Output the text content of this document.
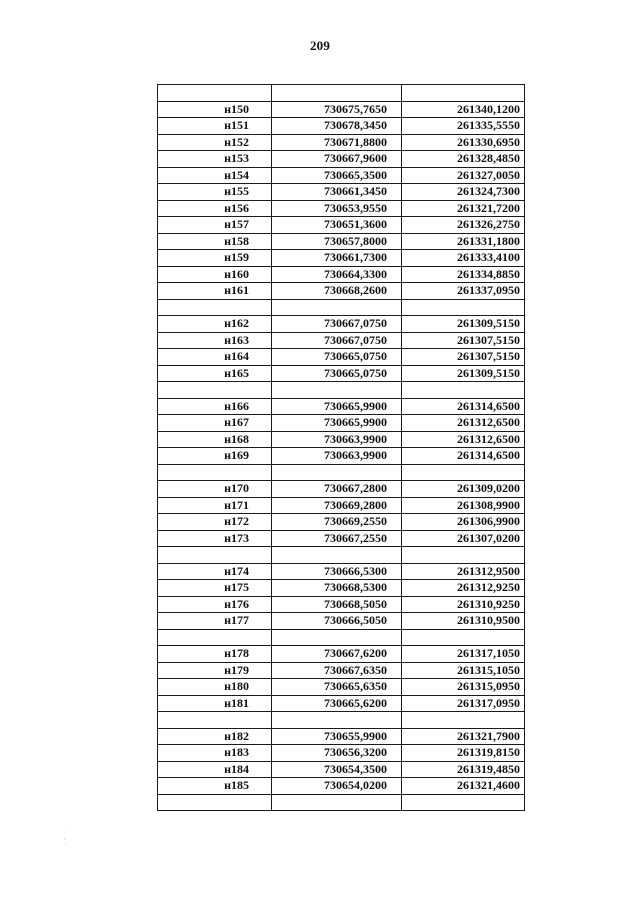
209

н150	730675,7650	261340,1200
н151	730678,3450	261335,5550
н152	730671,8800	261330,6950
н153	730667,9600	261328,4850
н154	730665,3500	261327,0050
н155	730661,3450	261324,7300
н156	730653,9550	261321,7200
н157	730651,3600	261326,2750
н158	730657,8000	261331,1800
н159	730661,7300	261333,4100
н160	730664,3300	261334,8850
н161	730668,2600	261337,0950

н162	730667,0750	261309,5150
н163	730667,0750	261307,5150
н164	730665,0750	261307,5150
н165	730665,0750	261309,5150

н166	730665,9900	261314,6500
н167	730665,9900	261312,6500
н168	730663,9900	261312,6500
н169	730663,9900	261314,6500

н170	730667,2800	261309,0200
н171	730669,2800	261308,9900
н172	730669,2550	261306,9900
н173	730667,2550	261307,0200

н174	730666,5300	261312,9500
н175	730668,5300	261312,9250
н176	730668,5050	261310,9250
н177	730666,5050	261310,9500

н178	730667,6200	261317,1050
н179	730667,6350	261315,1050
н180	730665,6350	261315,0950
н181	730665,6200	261317,0950

н182	730655,9900	261321,7900
н183	730656,3200	261319,8150
н184	730654,3500	261319,4850
н185	730654,0200	261321,4600

·
:
·
